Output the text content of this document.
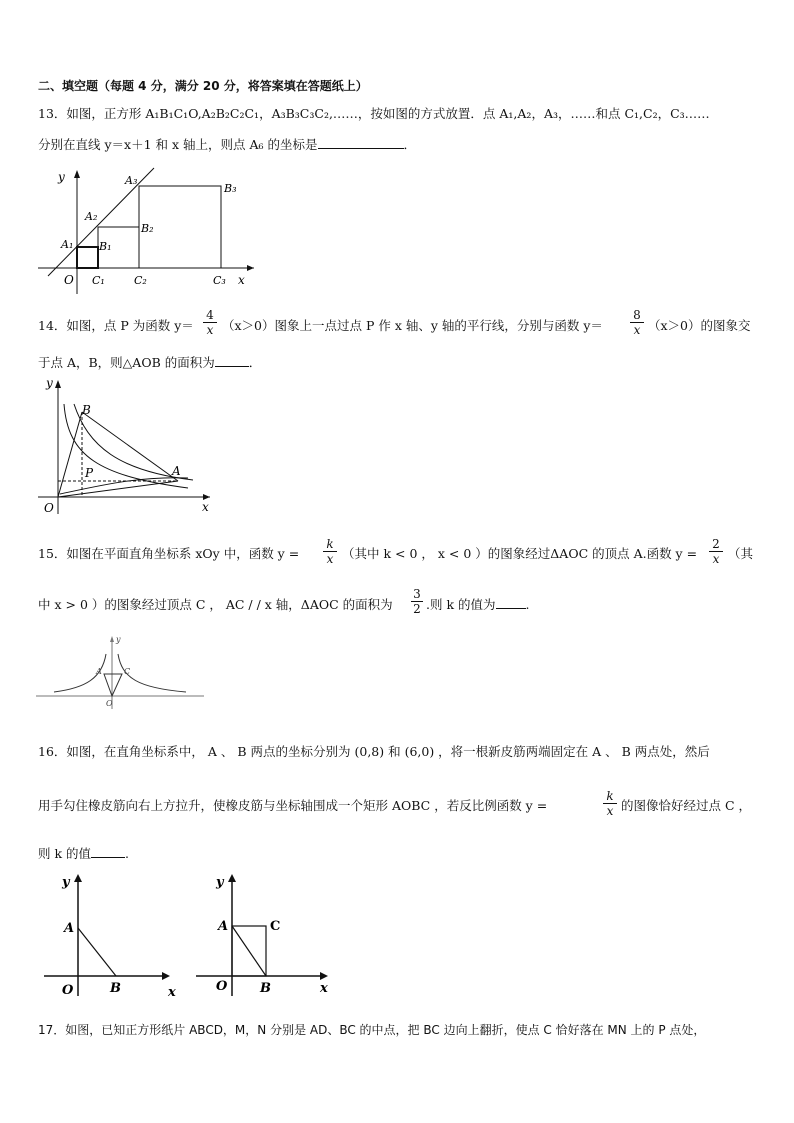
二、填空题（每题 4 分，满分 20 分，将答案填在答题纸上）
13．如图，正方形 A₁B₁C₁O,A₂B₂C₂C₁，A₃B₃C₃C₂,……，按如图的方式放置．点 A₁,A₂，A₃，……和点 C₁,C₂，C₃……
分别在直线 y＝x＋1 和 x 轴上，则点 A₆ 的坐标是	．
y
x
O
A₁ B₁
C₁
A₂
B₂
C₂
A₃
B₃
C₃
14．如图，点 P 为函数 y＝
4
x （x＞0）图象上一点过点 P 作 x 轴、y 轴的平行线，分别与函数 y＝
8
x （x＞0）的图象交
于点 A，B，则△AOB 的面积为	．
y
x
O
B
P	A
15．如图在平面直角坐标系 xOy 中，函数 y =
k
x （其中 k < 0 ， x < 0 ）的图象经过ΔAOC 的顶点 A.函数 y =
2
x （其
中 x > 0 ）的图象经过顶点 C ， AC / / x 轴，ΔAOC 的面积为
3
2 .则 k 的值为 .
y
A	C
O
16．如图，在直角坐标系中， A 、 B 两点的坐标分别为 (0,8) 和 (6,0) ，将一根新皮筋两端固定在 A 、 B 两点处，然后
用手勾住橡皮筋向右上方拉升，使橡皮筋与坐标轴围成一个矩形 AOBC ，若反比例函数 y =
k
x 的图像恰好经过点 C ，
则 k 的值	.
y
x
O
A
B
y
x
O
A
B
C
17．如图，已知正方形纸片 ABCD，M，N 分别是 AD、BC 的中点，把 BC 边向上翻折，使点 C 恰好落在 MN 上的 P 点处，
